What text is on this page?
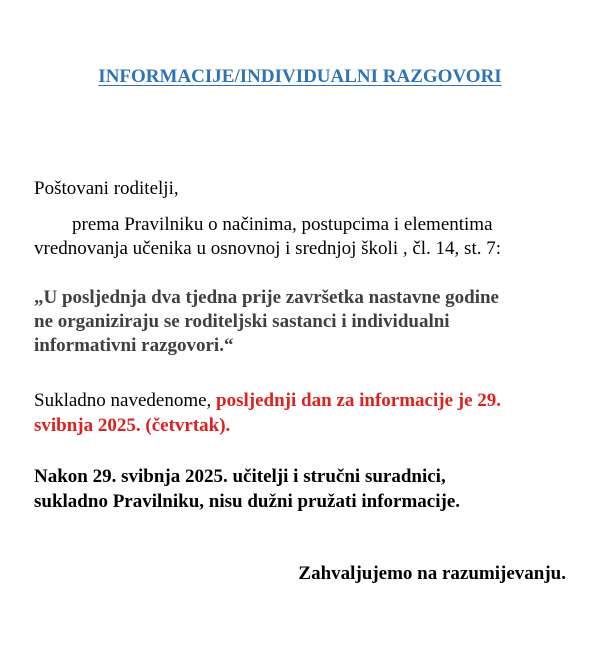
INFORMACIJE/INDIVIDUALNI RAZGOVORI
Poštovani roditelji,
prema Pravilniku o načinima, postupcima i elementima
vrednovanja učenika u osnovnoj i srednjoj školi , čl. 14, st. 7:
„U posljednja dva tjedna prije završetka nastavne godine
ne organiziraju se roditeljski sastanci i individualni
informativni razgovori.“
Sukladno navedenome, posljednji dan za informacije je 29.
svibnja 2025. (četvrtak).
Nakon 29. svibnja 2025. učitelji i stručni suradnici,
sukladno Pravilniku, nisu dužni pružati informacije.
Zahvaljujemo na razumijevanju.
